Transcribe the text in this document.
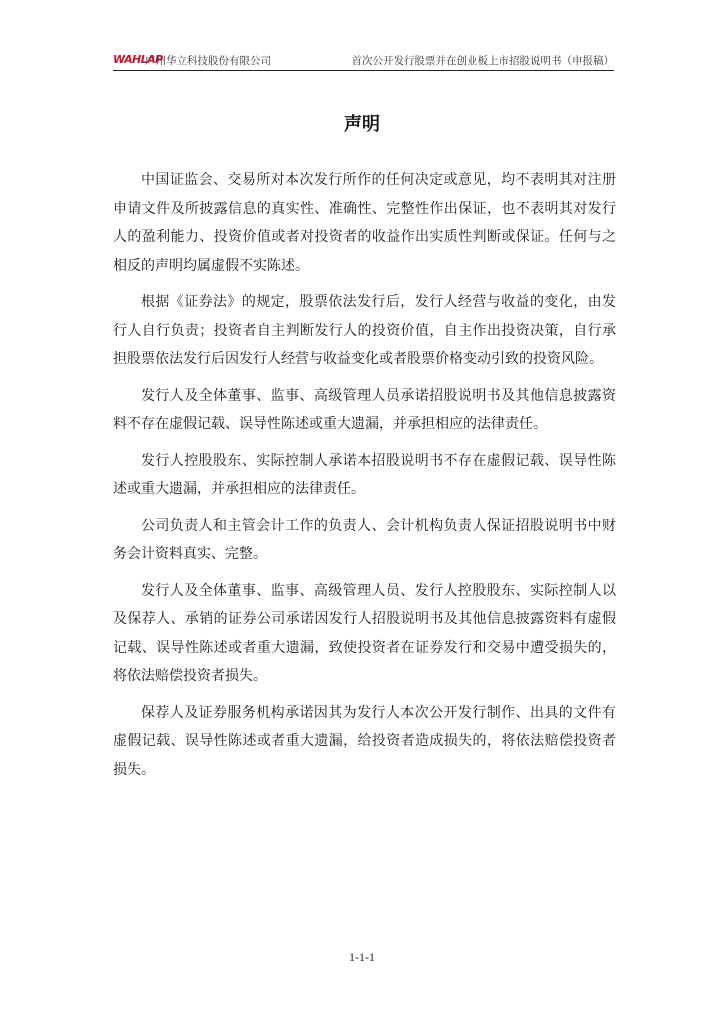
WAHLAP
广州华立科技股份有限公司	首次公开发行股票并在创业板上市招股说明书（申报稿）
声明

中国证监会、交易所对本次发行所作的任何决定或意见，均不表明其对注册申请文件及所披露信息的真实性、准确性、完整性作出保证，也不表明其对发行人的盈利能力、投资价值或者对投资者的收益作出实质性判断或保证。任何与之相反的声明均属虚假不实陈述。

根据《证券法》的规定，股票依法发行后，发行人经营与收益的变化，由发行人自行负责；投资者自主判断发行人的投资价值，自主作出投资决策，自行承担股票依法发行后因发行人经营与收益变化或者股票价格变动引致的投资风险。

发行人及全体董事、监事、高级管理人员承诺招股说明书及其他信息披露资料不存在虚假记载、误导性陈述或重大遗漏，并承担相应的法律责任。

发行人控股股东、实际控制人承诺本招股说明书不存在虚假记载、误导性陈述或重大遗漏，并承担相应的法律责任。

公司负责人和主管会计工作的负责人、会计机构负责人保证招股说明书中财务会计资料真实、完整。

发行人及全体董事、监事、高级管理人员、发行人控股股东、实际控制人以及保荐人、承销的证券公司承诺因发行人招股说明书及其他信息披露资料有虚假记载、误导性陈述或者重大遗漏，致使投资者在证券发行和交易中遭受损失的，将依法赔偿投资者损失。

保荐人及证券服务机构承诺因其为发行人本次公开发行制作、出具的文件有虚假记载、误导性陈述或者重大遗漏，给投资者造成损失的，将依法赔偿投资者损失。

1-1-1
